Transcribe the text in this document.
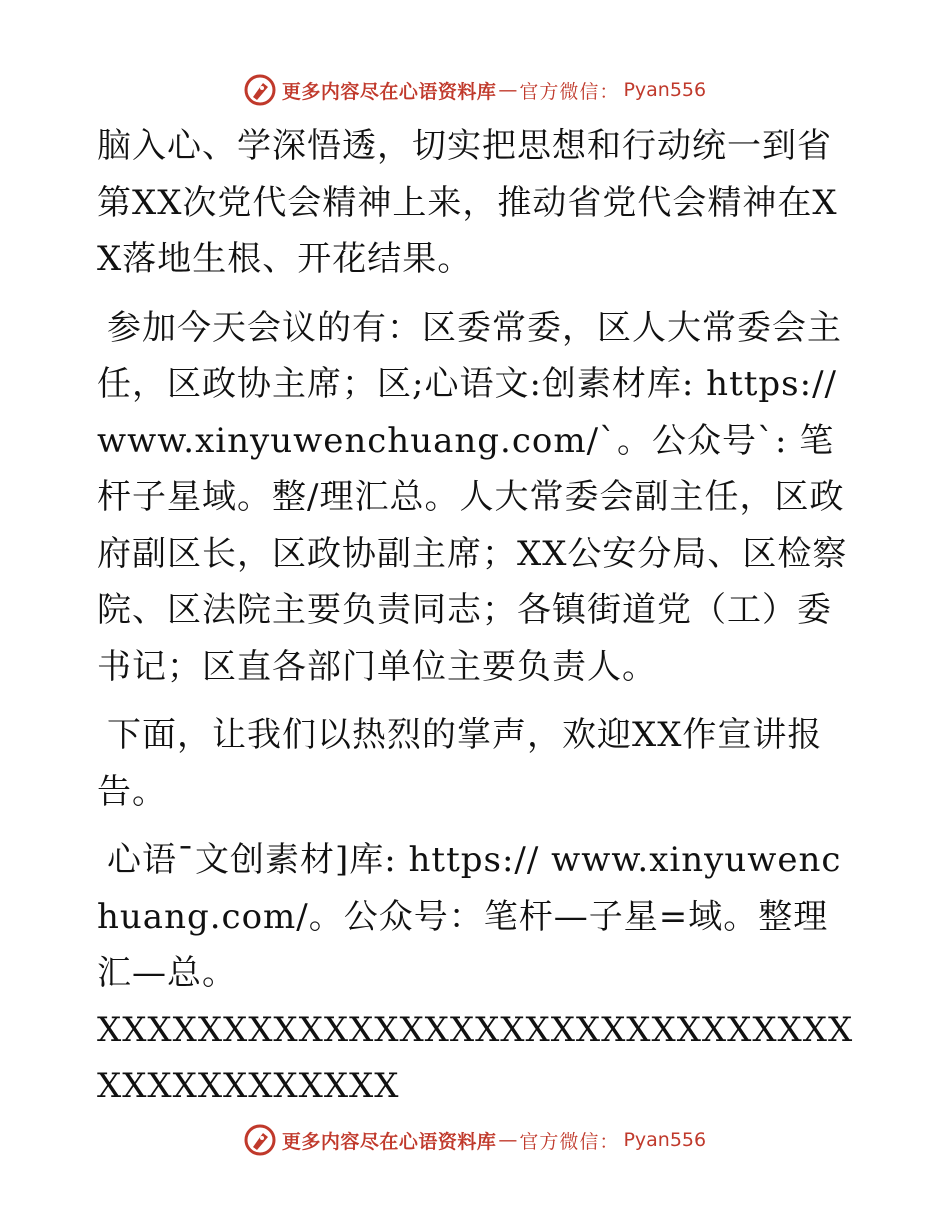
更多内容尽在心语资料库 — 官方微信： Pyan556

脑入心、学深悟透，切实把思想和行动统一到省第XX次党代会精神上来，推动省党代会精神在XX落地生根、开花结果。

参加今天会议的有：区委常委，区人大常委会主任，区政协主席；区;心语文:创素材库: https://www.xinyuwenchuang.com/`。公众号`: 笔杆子星域。整/理汇总。人大常委会副主任，区政府副区长，区政协副主席；XX公安分局、区检察院、区法院主要负责同志；各镇街道党（工）委书记；区直各部门单位主要负责人。

下面，让我们以热烈的掌声，欢迎XX作宣讲报告。

心语¯文创素材]库: https:// www.xinyuwenchuang.com/。公众号：笔杆—子星=域。整理汇—总。

XXXXXXXXXXXXXXXXXXXXXXXXXXXXXXXXXXXXXXXXXX

更多内容尽在心语资料库 — 官方微信： Pyan556
